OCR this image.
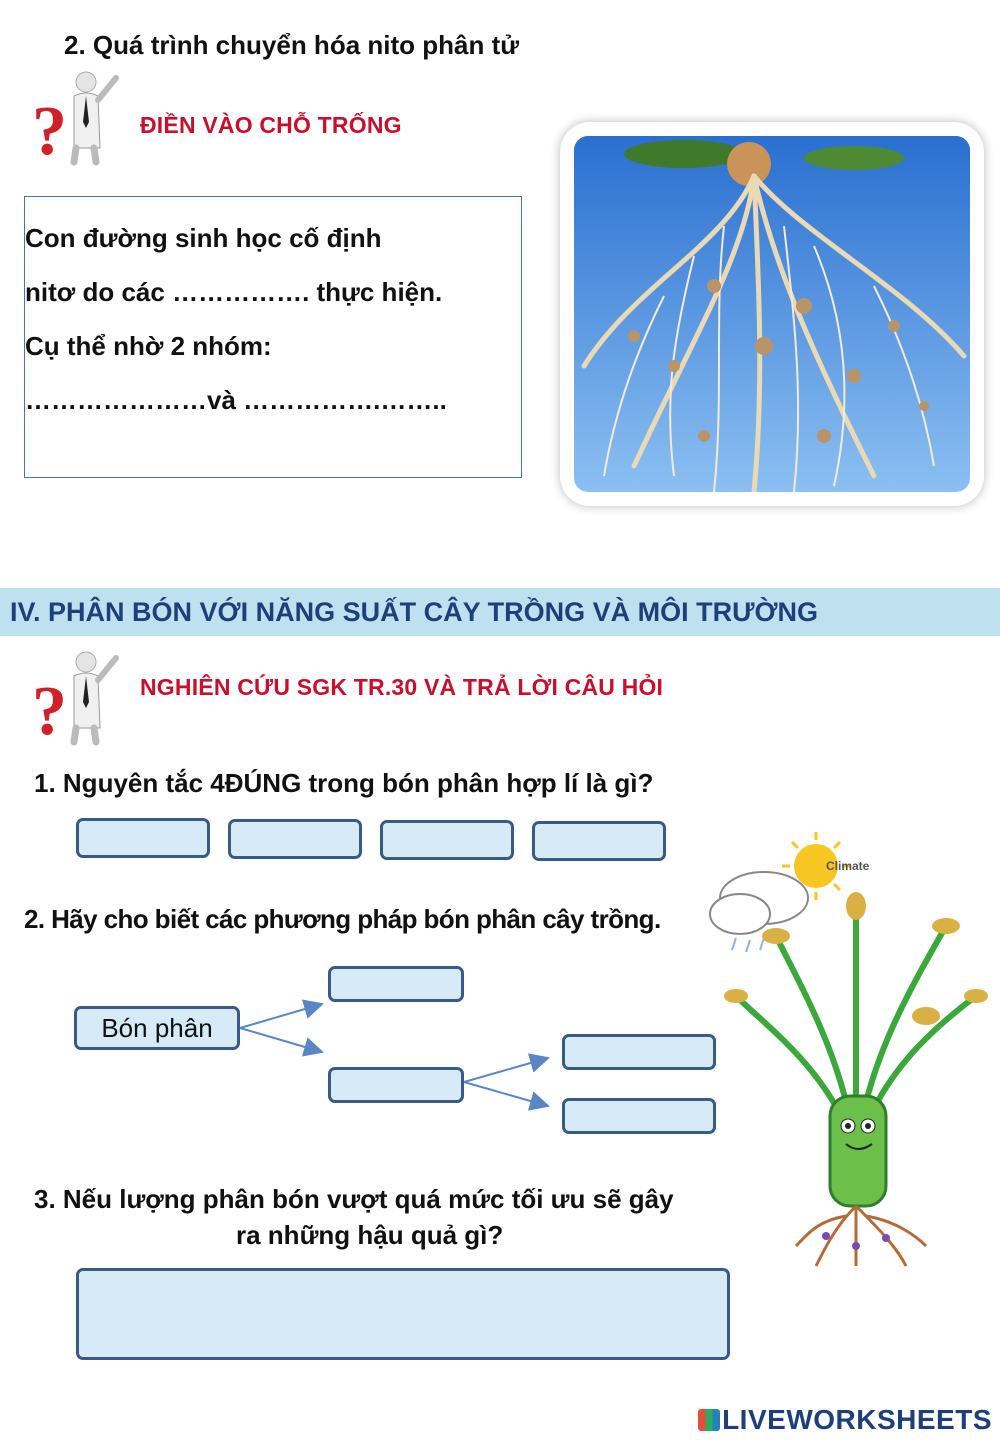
2. Quá trình chuyển hóa nito phân tử
?	ĐIỀN VÀO CHỖ TRỐNG
Con đường sinh học cố định
nitơ do các ……………. thực hiện.
Cụ thể nhờ 2 nhóm:
…………………và …………….……..
IV. PHÂN BÓN VỚI NĂNG SUẤT CÂY TRỒNG VÀ MÔI TRƯỜNG
?	NGHIÊN CỨU SGK TR.30 VÀ TRẢ LỜI CÂU HỎI
1. Nguyên tắc 4ĐÚNG trong bón phân hợp lí là gì?
2. Hãy cho biết các phương pháp bón phân cây trồng.
Bón phân
3. Nếu lượng phân bón vượt quá mức tối ưu sẽ gây
ra những hậu quả gì?
Climate
LIVEWORKSHEETS
